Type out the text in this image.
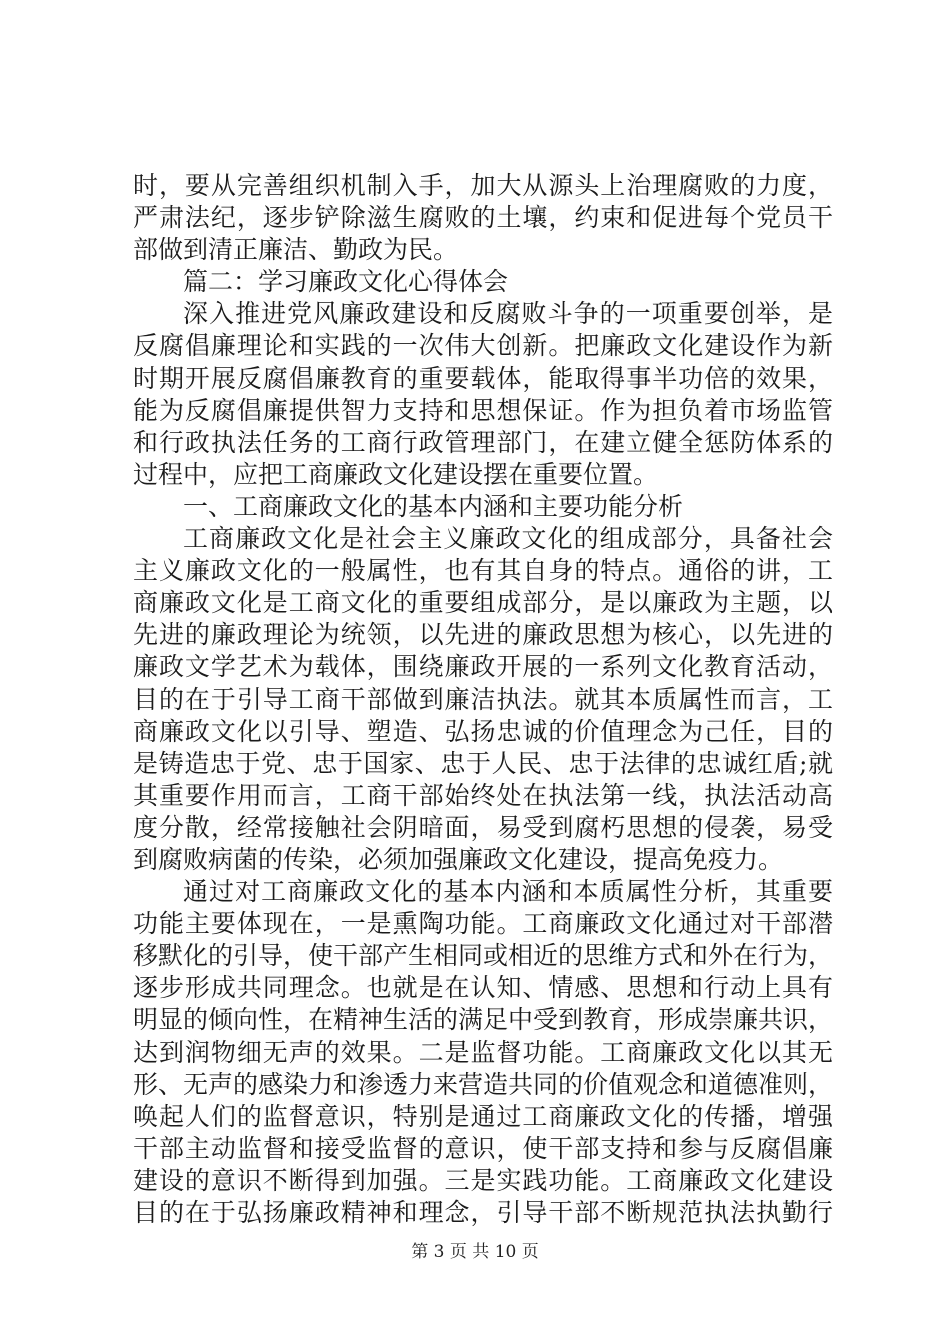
时，要从完善组织机制入手，加大从源头上治理腐败的力度，
严肃法纪，逐步铲除滋生腐败的土壤，约束和促进每个党员干
部做到清正廉洁、勤政为民。
篇二：学习廉政文化心得体会
深入推进党风廉政建设和反腐败斗争的一项重要创举，是
反腐倡廉理论和实践的一次伟大创新。把廉政文化建设作为新
时期开展反腐倡廉教育的重要载体，能取得事半功倍的效果，
能为反腐倡廉提供智力支持和思想保证。作为担负着市场监管
和行政执法任务的工商行政管理部门，在建立健全惩防体系的
过程中，应把工商廉政文化建设摆在重要位置。
一、工商廉政文化的基本内涵和主要功能分析
工商廉政文化是社会主义廉政文化的组成部分，具备社会
主义廉政文化的一般属性，也有其自身的特点。通俗的讲，工
商廉政文化是工商文化的重要组成部分，是以廉政为主题，以
先进的廉政理论为统领，以先进的廉政思想为核心，以先进的
廉政文学艺术为载体，围绕廉政开展的一系列文化教育活动，
目的在于引导工商干部做到廉洁执法。就其本质属性而言，工
商廉政文化以引导、塑造、弘扬忠诚的价值理念为己任，目的
是铸造忠于党、忠于国家、忠于人民、忠于法律的忠诚红盾;就
其重要作用而言，工商干部始终处在执法第一线，执法活动高
度分散，经常接触社会阴暗面，易受到腐朽思想的侵袭，易受
到腐败病菌的传染，必须加强廉政文化建设，提高免疫力。
通过对工商廉政文化的基本内涵和本质属性分析，其重要
功能主要体现在，一是熏陶功能。工商廉政文化通过对干部潜
移默化的引导，使干部产生相同或相近的思维方式和外在行为，
逐步形成共同理念。也就是在认知、情感、思想和行动上具有
明显的倾向性，在精神生活的满足中受到教育，形成崇廉共识，
达到润物细无声的效果。二是监督功能。工商廉政文化以其无
形、无声的感染力和渗透力来营造共同的价值观念和道德准则，
唤起人们的监督意识，特别是通过工商廉政文化的传播，增强
干部主动监督和接受监督的意识，使干部支持和参与反腐倡廉
建设的意识不断得到加强。三是实践功能。工商廉政文化建设
目的在于弘扬廉政精神和理念，引导干部不断规范执法执勤行
第 3 页 共 10 页
